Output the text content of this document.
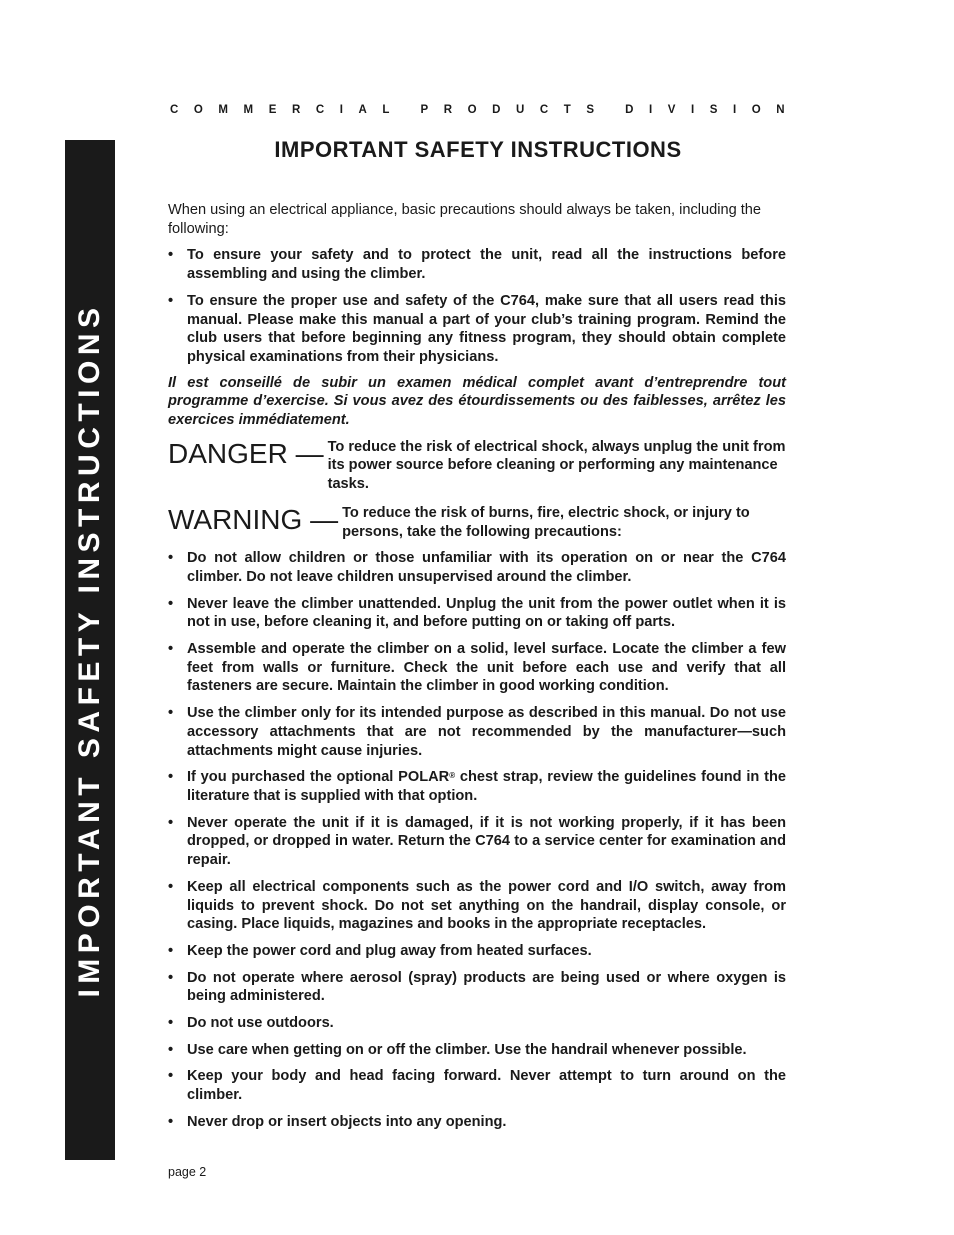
IMPORTANT SAFETY INSTRUCTIONS
C O M M E R C I A L	P R O D U C T S	D I V I S I O N
IMPORTANT SAFETY INSTRUCTIONS

When using an electrical appliance, basic precautions should always be taken, including the following:

• To ensure your safety and to protect the unit, read all the instructions before assembling and using the climber.
• To ensure the proper use and safety of the C764, make sure that all users read this manual. Please make this manual a part of your club’s training program. Remind the club users that before beginning any fitness program, they should obtain complete physical examinations from their physicians.

Il est conseillé de subir un examen médical complet avant d’entreprendre tout programme d’exercise. Si vous avez des étourdissements ou des faiblesses, arrêtez les exercices immédiatement.

DANGER — To reduce the risk of electrical shock, always unplug the unit from its power source before cleaning or performing any maintenance tasks.
WARNING — To reduce the risk of burns, fire, electric shock, or injury to persons, take the following precautions:
• Do not allow children or those unfamiliar with its operation on or near the C764 climber. Do not leave children unsupervised around the climber.
• Never leave the climber unattended. Unplug the unit from the power outlet when it is not in use, before cleaning it, and before putting on or taking off parts.
• Assemble and operate the climber on a solid, level surface. Locate the climber a few feet from walls or furniture. Check the unit before each use and verify that all fasteners are secure. Maintain the climber in good working condition.
• Use the climber only for its intended purpose as described in this manual. Do not use accessory attachments that are not recommended by the manufacturer—such attachments might cause injuries.
• If you purchased the optional POLAR® chest strap, review the guidelines found in the literature that is supplied with that option.
• Never operate the unit if it is damaged, if it is not working properly, if it has been dropped, or dropped in water. Return the C764 to a service center for examination and repair.
• Keep all electrical components such as the power cord and I/O switch, away from liquids to prevent shock. Do not set anything on the handrail, display console, or casing. Place liquids, magazines and books in the appropriate receptacles.
• Keep the power cord and plug away from heated surfaces.
• Do not operate where aerosol (spray) products are being used or where oxygen is being administered.
• Do not use outdoors.
• Use care when getting on or off the climber. Use the handrail whenever possible.
• Keep your body and head facing forward. Never attempt to turn around on the climber.
• Never drop or insert objects into any opening.
page 2
